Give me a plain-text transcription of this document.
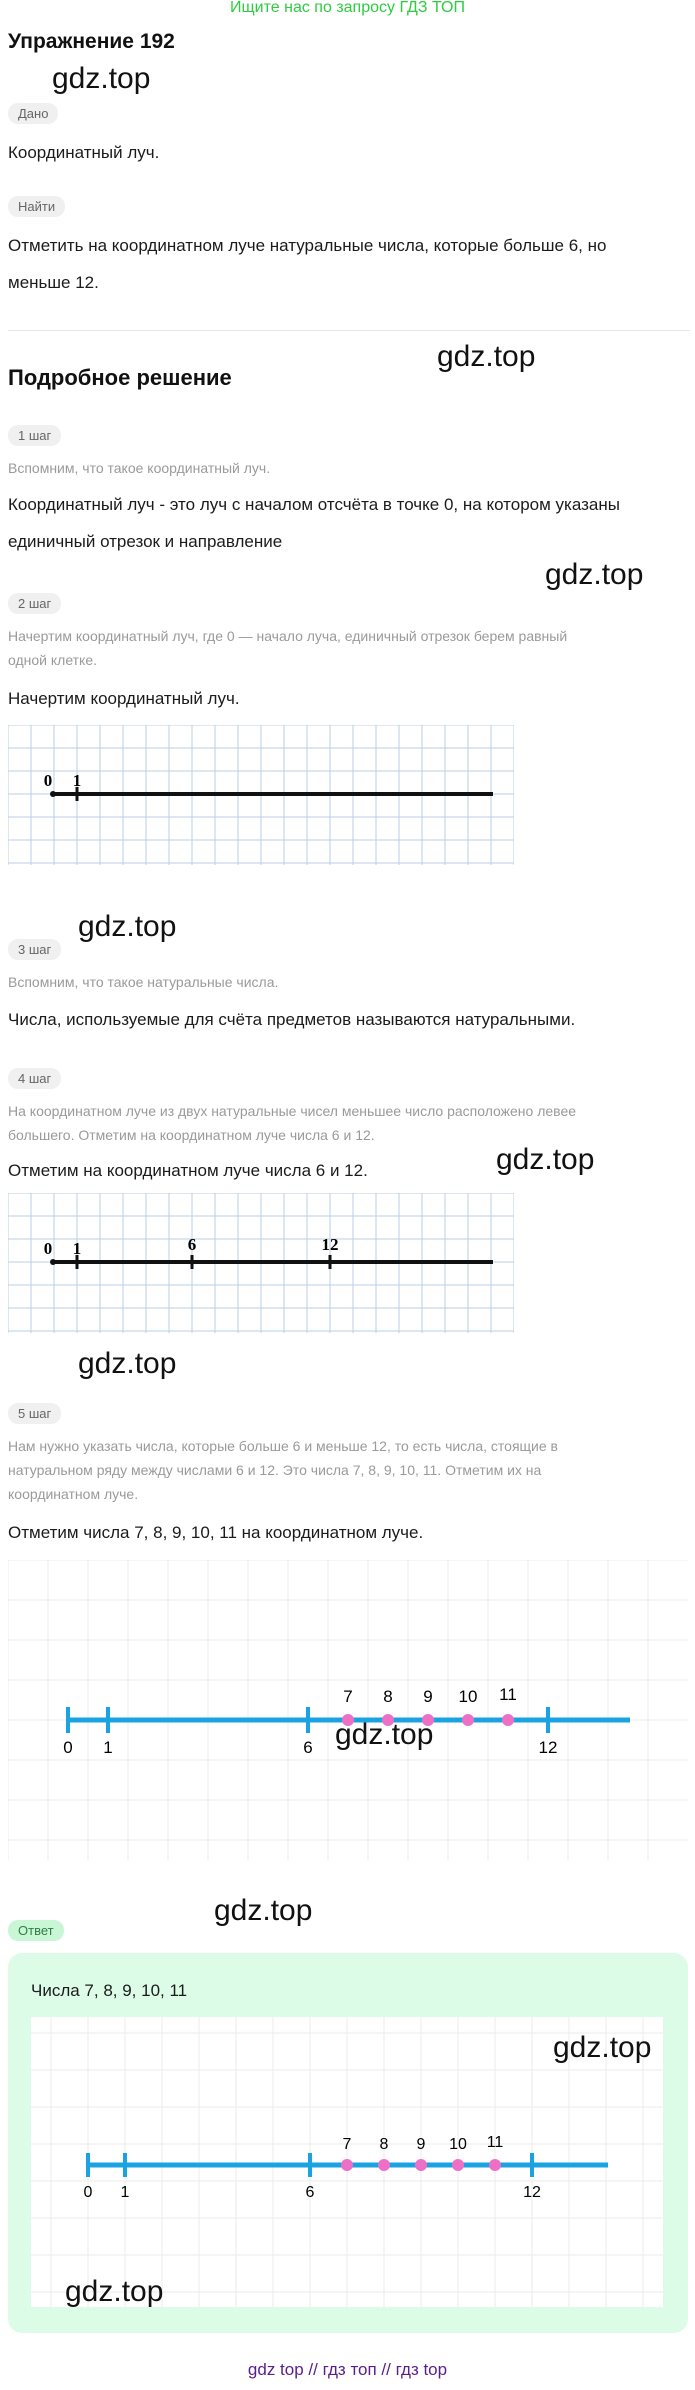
Ищите нас по запросу ГДЗ ТОП
Упражнение 192
gdz.top
Дано
Координатный луч.
Найти
Отметить на координатном луче натуральные числа, которые больше 6, но
меньше 12.
Подробное решение
gdz.top
1 шаг
Вспомним, что такое координатный луч.
Координатный луч - это луч с началом отсчёта в точке 0, на котором указаны
единичный отрезок и направление
gdz.top
2 шаг
Начертим координатный луч, где 0 — начало луча, единичный отрезок берем равный
одной клетке.
Начертим координатный луч.
0 1
gdz.top
3 шаг
Вспомним, что такое натуральные числа.
Числа, используемые для счёта предметов называются натуральными.
4 шаг
На координатном луче из двух натуральные чисел меньшее число расположено левее
большего. Отметим на координатном луче числа 6 и 12.
Отметим на координатном луче числа 6 и 12.	gdz.top
0 1	6	12
gdz.top
5 шаг
Нам нужно указать числа, которые больше 6 и меньше 12, то есть числа, стоящие в
натуральном ряду между числами 6 и 12. Это числа 7, 8, 9, 10, 11. Отметим их на
координатном луче.
Отметим числа 7, 8, 9, 10, 11 на координатном луче.
0 1	6	12
7 8 9 10 11
gdz.top
gdz.top
Ответ
Числа 7, 8, 9, 10, 11
0 1	6	12
7 8 9 10 11
gdz.top
gdz.top
gdz top // гдз топ // гдз top
